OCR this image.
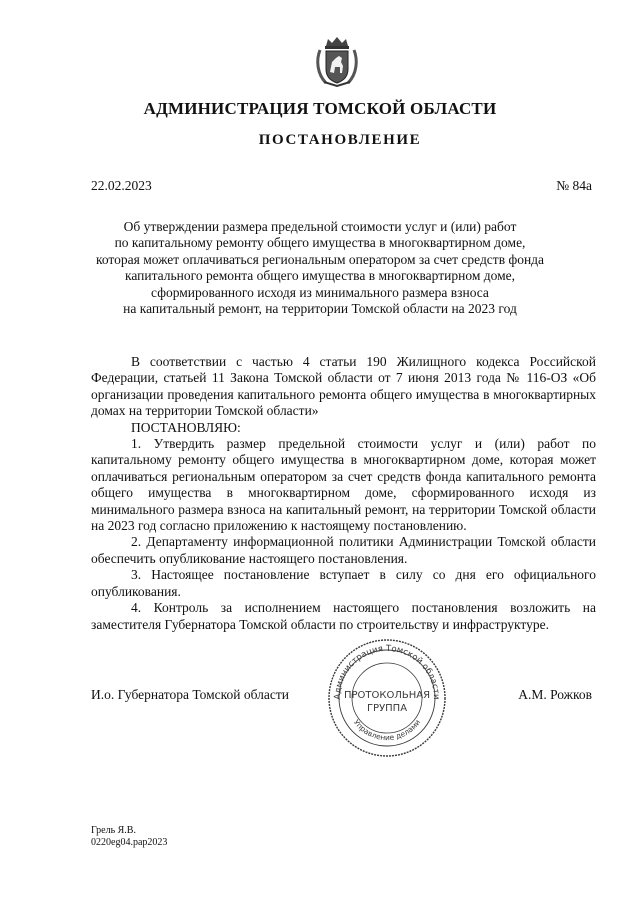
АДМИНИСТРАЦИЯ ТОМСКОЙ ОБЛАСТИ
ПОСТАНОВЛЕНИЕ
22.02.2023	№ 84а
Об утверждении размера предельной стоимости услуг и (или) работ
по капитальному ремонту общего имущества в многоквартирном доме,
которая может оплачиваться региональным оператором за счет средств фонда
капитального ремонта общего имущества в многоквартирном доме,
сформированного исходя из минимального размера взноса
на капитальный ремонт, на территории Томской области на 2023 год

В соответствии с частью 4 статьи 190 Жилищного кодекса Российской Федерации, статьей 11 Закона Томской области от 7 июня 2013 года № 116-ОЗ «Об организации проведения капитального ремонта общего имущества в многоквартирных домах на территории Томской области»

ПОСТАНОВЛЯЮ:

1. Утвердить размер предельной стоимости услуг и (или) работ по капитальному ремонту общего имущества в многоквартирном доме, которая может оплачиваться региональным оператором за счет средств фонда капитального ремонта общего имущества в многоквартирном доме, сформированного исходя из минимального размера взноса на капитальный ремонт, на территории Томской области на 2023 год согласно приложению к настоящему постановлению.

2. Департаменту информационной политики Администрации Томской области обеспечить опубликование настоящего постановления.

3. Настоящее постановление вступает в силу со дня его официального опубликования.

4. Контроль за исполнением настоящего постановления возложить на заместителя Губернатора Томской области по строительству и инфраструктуре.

И.о. Губернатора Томской области	Администрация Томской области
Управление делами
ПРОТОКОЛЬНАЯ
ГРУППА
А.М. Рожков
Грель Я.В.
0220eg04.pap2023
